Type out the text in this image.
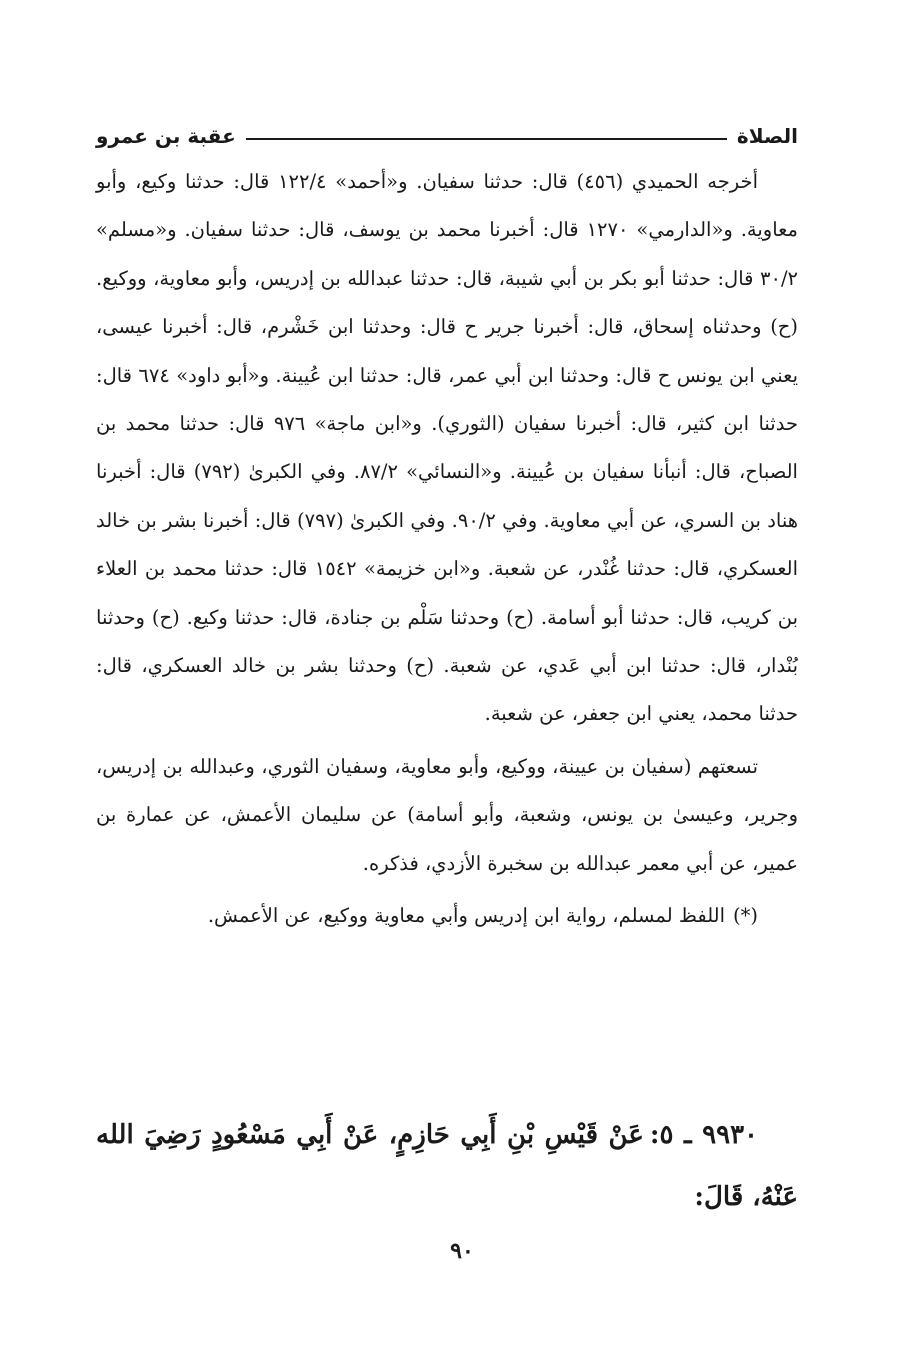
الصلاة
عقبة بن عمرو

أخرجه الحميدي (٤٥٦) قال: حدثنا سفيان. و«أحمد» ١٢٢/٤ قال: حدثنا وكيع، وأبو معاوية. و«الدارمي» ١٢٧٠ قال: أخبرنا محمد بن يوسف، قال: حدثنا سفيان. و«مسلم» ٣٠/٢ قال: حدثنا أبو بكر بن أبي شيبة، قال: حدثنا عبدالله بن إدريس، وأبو معاوية، ووكيع. (ح) وحدثناه إسحاق، قال: أخبرنا جرير ح قال: وحدثنا ابن خَشْرم، قال: أخبرنا عيسى، يعني ابن يونس ح قال: وحدثنا ابن أبي عمر، قال: حدثنا ابن عُيينة. و«أبو داود» ٦٧٤ قال: حدثنا ابن كثير، قال: أخبرنا سفيان (الثوري). و«ابن ماجة» ٩٧٦ قال: حدثنا محمد بن الصباح، قال: أنبأنا سفيان بن عُيينة. و«النسائي» ٨٧/٢. وفي الكبرىٰ (٧٩٢) قال: أخبرنا هناد بن السري، عن أبي معاوية. وفي ٩٠/٢. وفي الكبرىٰ (٧٩٧) قال: أخبرنا بشر بن خالد العسكري، قال: حدثنا غُنْدر، عن شعبة. و«ابن خزيمة» ١٥٤٢ قال: حدثنا محمد بن العلاء بن كريب، قال: حدثنا أبو أسامة. (ح) وحدثنا سَلْم بن جنادة، قال: حدثنا وكيع. (ح) وحدثنا بُنْدار، قال: حدثنا ابن أبي عَدي، عن شعبة. (ح) وحدثنا بشر بن خالد العسكري، قال: حدثنا محمد، يعني ابن جعفر، عن شعبة.

تسعتهم (سفيان بن عيينة، ووكيع، وأبو معاوية، وسفيان الثوري، وعبدالله بن إدريس، وجرير، وعيسىٰ بن يونس، وشعبة، وأبو أسامة) عن سليمان الأعمش، عن عمارة بن عمير، عن أبي معمر عبدالله بن سخبرة الأزدي، فذكره.

(*)اللفظ لمسلم، رواية ابن إدريس وأبي معاوية ووكيع، عن الأعمش.

٩٩٣٠ ـ ٥:عَنْ قَيْسِ بْنِ أَبِي حَازِمٍ، عَنْ أَبِي مَسْعُودٍ رَضِيَ الله عَنْهُ، قَالَ:

٩٠
